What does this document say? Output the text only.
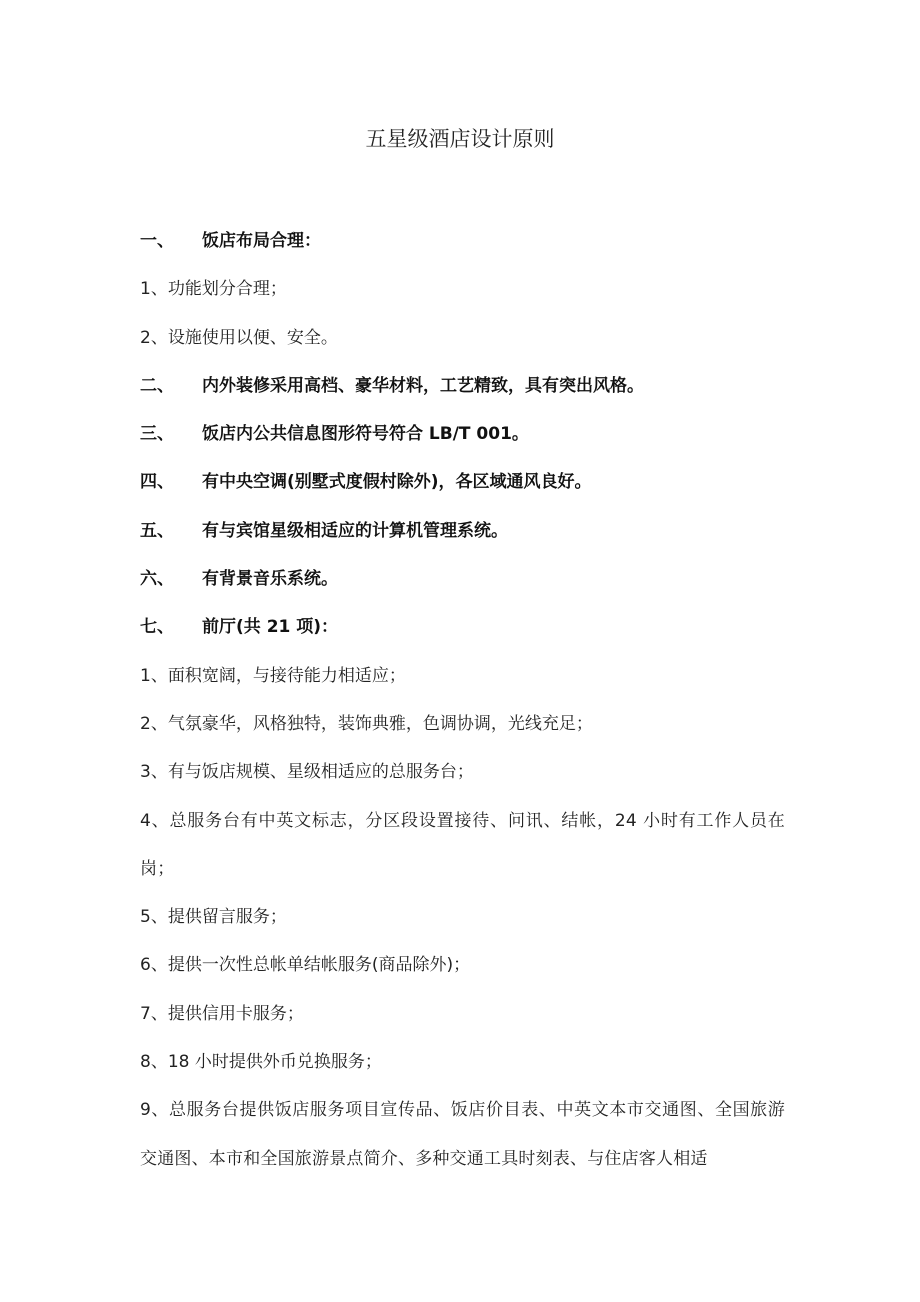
五星级酒店设计原则
一、 饭店布局合理：
1、功能划分合理；
2、设施使用以便、安全。
二、 内外装修采用高档、豪华材料，工艺精致，具有突出风格。
三、 饭店内公共信息图形符号符合 LB/T 001。
四、 有中央空调(别墅式度假村除外)，各区域通风良好。
五、 有与宾馆星级相适应的计算机管理系统。
六、 有背景音乐系统。
七、 前厅(共 21 项)：
1、面积宽阔，与接待能力相适应；
2、气氛豪华，风格独特，装饰典雅，色调协调，光线充足；
3、有与饭店规模、星级相适应的总服务台；
4、总服务台有中英文标志，分区段设置接待、问讯、结帐，24 小时有工作人员在岗；
5、提供留言服务；
6、提供一次性总帐单结帐服务(商品除外)；
7、提供信用卡服务；
8、18 小时提供外币兑换服务；
9、总服务台提供饭店服务项目宣传品、饭店价目表、中英文本市交通图、全国旅游交通图、本市和全国旅游景点简介、多种交通工具时刻表、与住店客人相适
